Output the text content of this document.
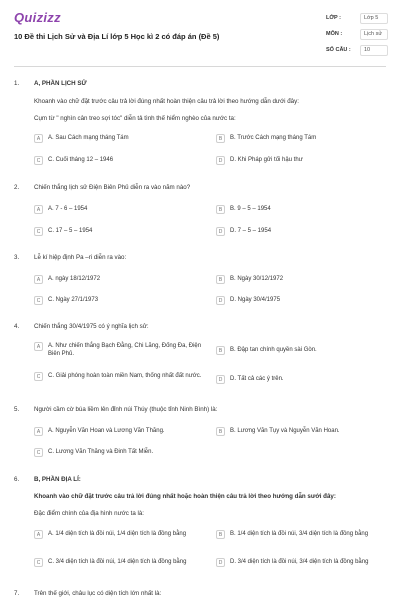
Quizizz
10 Đề thi Lịch Sử và Địa Lí lớp 5 Học kì 2 có đáp án (Đề 5)
LỚP :	Lớp 5
MÔN :	Lịch sử
SỐ CÂU :	10
1.	A, PHẦN LỊCH SỬ
Khoanh vào chữ đặt trước câu trả lời đúng nhất hoàn thiện câu trả lời theo hướng dẫn dưới đây:
Cụm từ " nghìn cân treo sợi tóc" diễn tả tình thế hiểm nghèo của nước ta:
A	A. Sau Cách mạng tháng Tám	B	B. Trước Cách mạng tháng Tám
C	C. Cuối tháng 12 – 1946	D	D. Khi Pháp gửi tối hậu thư
2.	Chiến thắng lịch sử Điện Biên Phủ diễn ra vào năm nào?
A	A. 7 - 6 – 1954	B	B. 9 – 5 – 1954
C	C. 17 – 5 – 1954	D	D. 7 – 5 – 1954
3.	Lễ kí hiệp định Pa –ri diễn ra vào:
A	A. ngày 18/12/1972	B	B. Ngày 30/12/1972
C	C. Ngày 27/1/1973	D	D. Ngày 30/4/1975
4.	Chiến thắng 30/4/1975 có ý nghĩa lịch sử:
A	A. Như chiến thắng Bạch Đằng, Chi Lăng, Đống Đa, Điện Biên Phủ.	B	B. Đập tan chính quyền sài Gòn.
C	C. Giải phóng hoàn toàn miền Nam, thống nhất đất nước.
D	D. Tất cả các ý trên.
5.	Người cầm cờ búa liềm lên đỉnh núi Thúy (thuộc tỉnh Ninh Bình) là:
A	A. Nguyễn Văn Hoan và Lương Văn Thăng.	B	B. Lương Văn Tụy và Nguyễn Văn Hoan.
C	C. Lương Văn Thăng và Đinh Tất Miễn.
6.	B, PHẦN ĐỊA LÍ:
Khoanh vào chữ đặt trước câu trả lời đúng nhất hoặc hoàn thiện câu trả lời theo hướng dẫn sưới đây:
Đặc điểm chính của địa hình nước ta là:
A	A. 1/4 diện tích là đồi núi, 1/4 diện tích là đồng bằng	B	B. 1/4 diện tích là đồi núi, 3/4 diện tích là đồng bằng
C	C. 3/4 diện tích là đồi núi, 1/4 diện tích là đồng bằng	D	D. 3/4 diện tích là đồi núi, 3/4 diện tích là đồng bằng
7.	Trên thế giới, châu lục có diện tích lớn nhất là:
